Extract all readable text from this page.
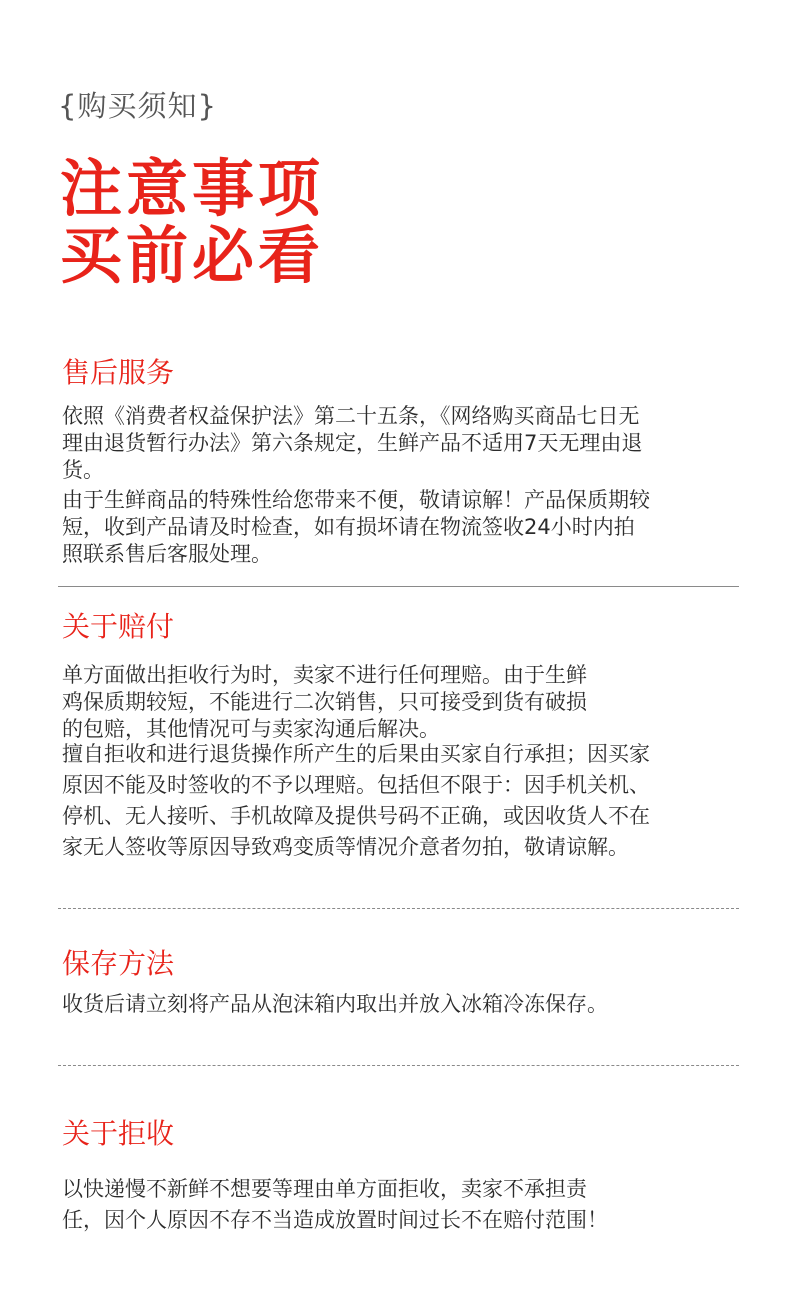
{购买须知}
注意事项
买前必看
售后服务
依照《消费者权益保护法》第二十五条，《网络购买商品七日无
理由退货暂行办法》第六条规定，生鲜产品不适用7天无理由退
货。
由于生鲜商品的特殊性给您带来不便，敬请谅解！产品保质期较
短，收到产品请及时检查，如有损坏请在物流签收24小时内拍
照联系售后客服处理。
关于赔付
单方面做出拒收行为时，卖家不进行任何理赔。由于生鲜
鸡保质期较短，不能进行二次销售，只可接受到货有破损
的包赔，其他情况可与卖家沟通后解决。
擅自拒收和进行退货操作所产生的后果由买家自行承担；因买家
原因不能及时签收的不予以理赔。包括但不限于：因手机关机、
停机、无人接听、手机故障及提供号码不正确，或因收货人不在
家无人签收等原因导致鸡变质等情况介意者勿拍，敬请谅解。
保存方法
收货后请立刻将产品从泡沫箱内取出并放入冰箱冷冻保存。
关于拒收
以快递慢不新鲜不想要等理由单方面拒收，卖家不承担责
任，因个人原因不存不当造成放置时间过长不在赔付范围！
